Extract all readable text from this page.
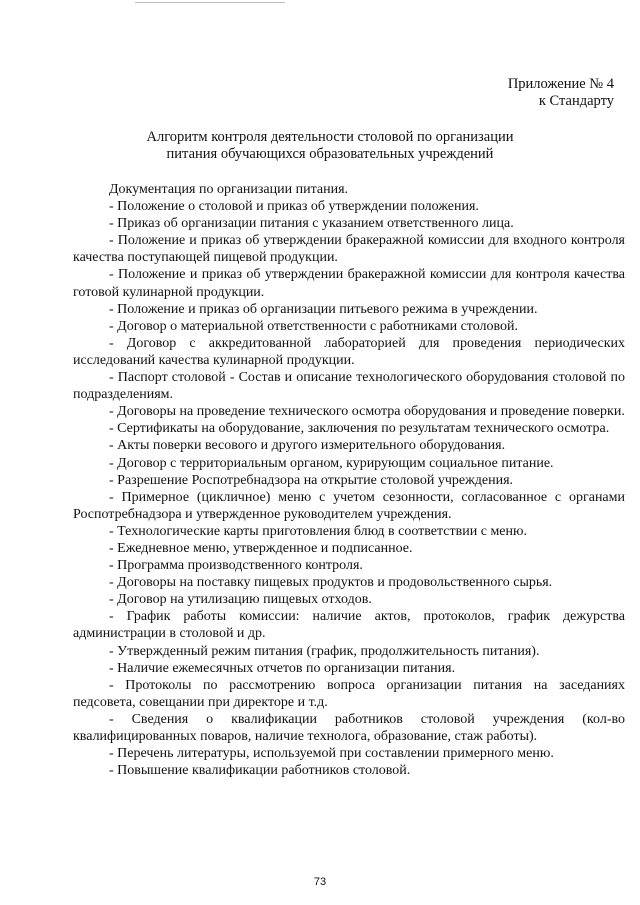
Приложение № 4
к Стандарту
Алгоритм контроля деятельности столовой по организации
питания обучающихся образовательных учреждений

Документация по организации питания.

- Положение о столовой и приказ об утверждении положения.

- Приказ об организации питания с указанием ответственного лица.

- Положение и приказ об утверждении бракеражной комиссии для входного контроля качества поступающей пищевой продукции.

- Положение и приказ об утверждении бракеражной комиссии для контроля качества готовой кулинарной продукции.

- Положение и приказ об организации питьевого режима в учреждении.

- Договор о материальной ответственности с работниками столовой.

- Договор с аккредитованной лабораторией для проведения периодических исследований качества кулинарной продукции.

- Паспорт столовой - Состав и описание технологического оборудования столовой по подразделениям.

- Договоры на проведение технического осмотра оборудования и проведение поверки.

- Сертификаты на оборудование, заключения по результатам технического осмотра.

- Акты поверки весового и другого измерительного оборудования.

- Договор с территориальным органом, курирующим социальное питание.

- Разрешение Роспотребнадзора на открытие столовой учреждения.

- Примерное (цикличное) меню с учетом сезонности, согласованное с органами Роспотребнадзора и утвержденное руководителем учреждения.

- Технологические карты приготовления блюд в соответствии с меню.

- Ежедневное меню, утвержденное и подписанное.

- Программа производственного контроля.

- Договоры на поставку пищевых продуктов и продовольственного сырья.

- Договор на утилизацию пищевых отходов.

- График работы комиссии: наличие актов, протоколов, график дежурства администрации в столовой и др.

- Утвержденный режим питания (график, продолжительность питания).

- Наличие ежемесячных отчетов по организации питания.

- Протоколы по рассмотрению вопроса организации питания на заседаниях педсовета, совещании при директоре и т.д.

- Сведения о квалификации работников столовой учреждения (кол-во квалифицированных поваров, наличие технолога, образование, стаж работы).

- Перечень литературы, используемой при составлении примерного меню.

- Повышение квалификации работников столовой.

73
